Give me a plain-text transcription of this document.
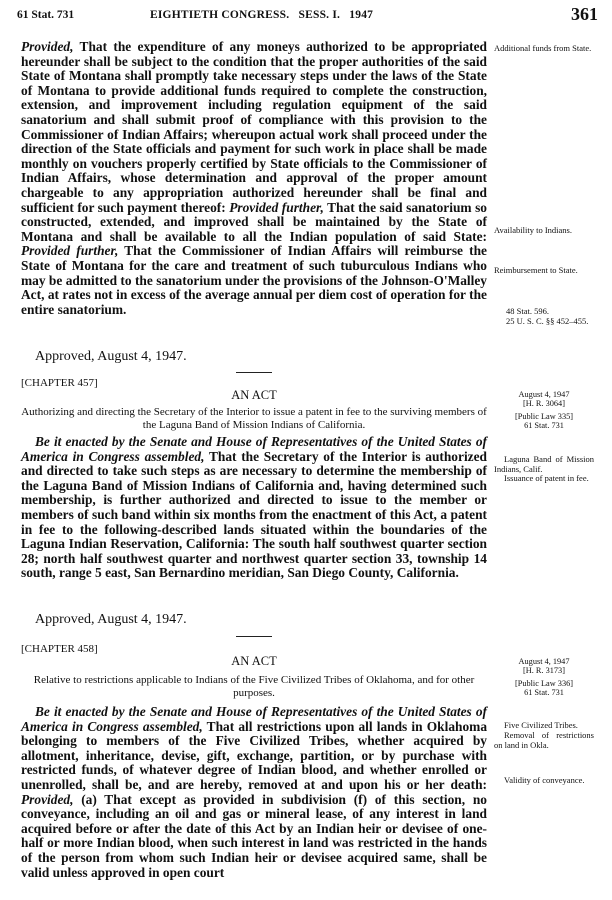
61 Stat. 731	EIGHTIETH CONGRESS.   SESS. I.   1947	361

Provided, That the expenditure of any moneys authorized to be appropriated hereunder shall be subject to the condition that the proper authorities of the said State of Montana shall promptly take necessary steps under the laws of the State of Montana to provide additional funds required to complete the construction, extension, and improvement including regulation equipment of the said sanatorium and shall submit proof of compliance with this provision to the Commissioner of Indian Affairs; whereupon actual work shall proceed under the direction of the State officials and payment for such work in place shall be made monthly on vouchers properly certified by State officials to the Commissioner of Indian Affairs, whose determination and approval of the proper amount chargeable to any appropriation authorized hereunder shall be final and sufficient for such payment thereof: Provided further, That the said sanatorium so constructed, extended, and improved shall be maintained by the State of Montana and shall be available to all the Indian population of said State: Provided further, That the Commissioner of Indian Affairs will reimburse the State of Montana for the care and treatment of such tuburculous Indians who may be admitted to the sanatorium under the provisions of the Johnson-O'Malley Act, at rates not in excess of the average annual per diem cost of operation for the entire sanatorium.

Approved, August 4, 1947.
[CHAPTER 457]
AN ACT
Authorizing and directing the Secretary of the Interior to issue a patent in fee to the surviving members of the Laguna Band of Mission Indians of California.

Be it enacted by the Senate and House of Representatives of the United States of America in Congress assembled, That the Secretary of the Interior is authorized and directed to take such steps as are necessary to determine the membership of the Laguna Band of Mission Indians of California and, having determined such membership, is further authorized and directed to issue to the member or members of such band within six months from the enactment of this Act, a patent in fee to the following-described lands situated within the boundaries of the Laguna Indian Reservation, California: The south half southwest quarter section 28; north half southwest quarter and northwest quarter section 33, township 14 south, range 5 east, San Bernardino meridian, San Diego County, California.

Approved, August 4, 1947.
[CHAPTER 458]
AN ACT
Relative to restrictions applicable to Indians of the Five Civilized Tribes of Oklahoma, and for other purposes.

Be it enacted by the Senate and House of Representatives of the United States of America in Congress assembled, That all restrictions upon all lands in Oklahoma belonging to members of the Five Civilized Tribes, whether acquired by allotment, inheritance, devise, gift, exchange, partition, or by purchase with restricted funds, of whatever degree of Indian blood, and whether enrolled or unenrolled, shall be, and are hereby, removed at and upon his or her death: Provided, (a) That except as provided in subdivision (f) of this section, no conveyance, including an oil and gas or mineral lease, of any interest in land acquired before or after the date of this Act by an Indian heir or devisee of one-half or more Indian blood, when such interest in land was restricted in the hands of the person from whom such Indian heir or devisee acquired same, shall be valid unless approved in open court

Additional funds from State.
Availability to Indians.
Reimbursement to State.
48 Stat. 596.
25 U. S. C. §§ 452–455.
August 4, 1947
[H. R. 3064]
[Public Law 335]
61 Stat. 731
Laguna Band of Mission Indians, Calif.
Issuance of patent in fee.
August 4, 1947
[H. R. 3173]
[Public Law 336]
61 Stat. 731
Five Civilized Tribes.
Removal of restrictions on land in Okla.
Validity of conveyance.
